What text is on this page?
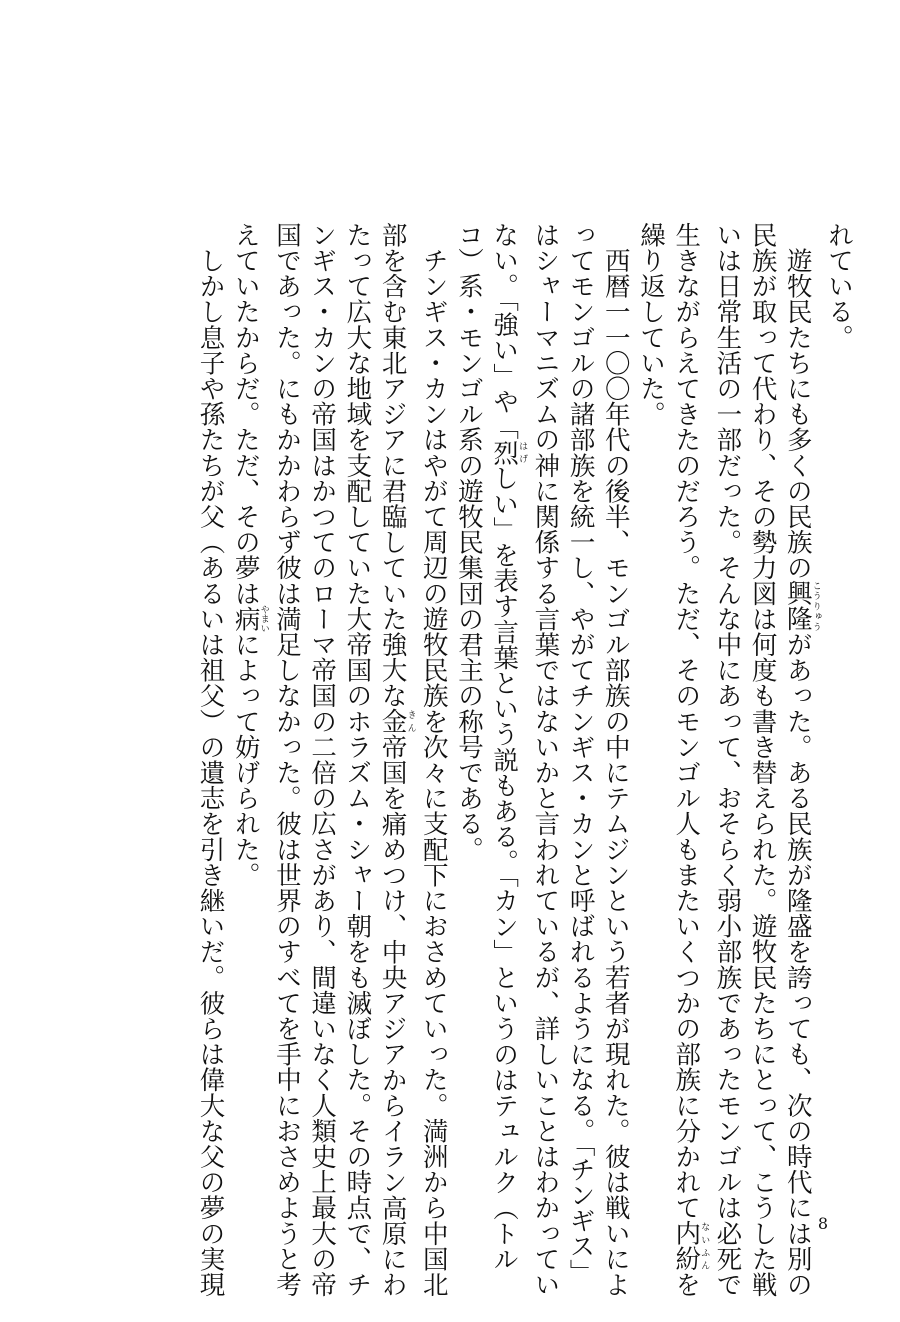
れている。
　遊牧民たちにも多くの民族の興隆こうりゅうがあった。ある民族が隆盛を誇っても、次の時代には別の
民族が取って代わり、その勢力図は何度も書き替えられた。遊牧民たちにとって、こうした戦
いは日常生活の一部だった。そんな中にあって、おそらく弱小部族であったモンゴルは必死で
生きながらえてきたのだろう。ただ、そのモンゴル人もまたいくつかの部族に分かれて内紛ないふんを
繰り返していた。
　西暦一一〇〇年代の後半、モンゴル部族の中にテムジンという若者が現れた。彼は戦いによ
ってモンゴルの諸部族を統一し、やがてチンギス・カンと呼ばれるようになる。「チンギス」
はシャーマニズムの神に関係する言葉ではないかと言われているが、詳しいことはわかってい
ない。「強い」や「烈はげしい」を表す言葉という説もある。「カン」というのはテュルク（トル
コ）系・モンゴル系の遊牧民集団の君主の称号である。
　チンギス・カンはやがて周辺の遊牧民族を次々に支配下におさめていった。満洲から中国北
部を含む東北アジアに君臨していた強大な金きん帝国を痛めつけ、中央アジアからイラン高原にわ
たって広大な地域を支配していた大帝国のホラズム・シャー朝をも滅ぼした。その時点で、チ
ンギス・カンの帝国はかつてのローマ帝国の二倍の広さがあり、間違いなく人類史上最大の帝
国であった。にもかかわらず彼は満足しなかった。彼は世界のすべてを手中におさめようと考
えていたからだ。ただ、その夢は病やまいによって妨げられた。
　しかし息子や孫たちが父（あるいは祖父）の遺志を引き継いだ。彼らは偉大な父の夢の実現	8
